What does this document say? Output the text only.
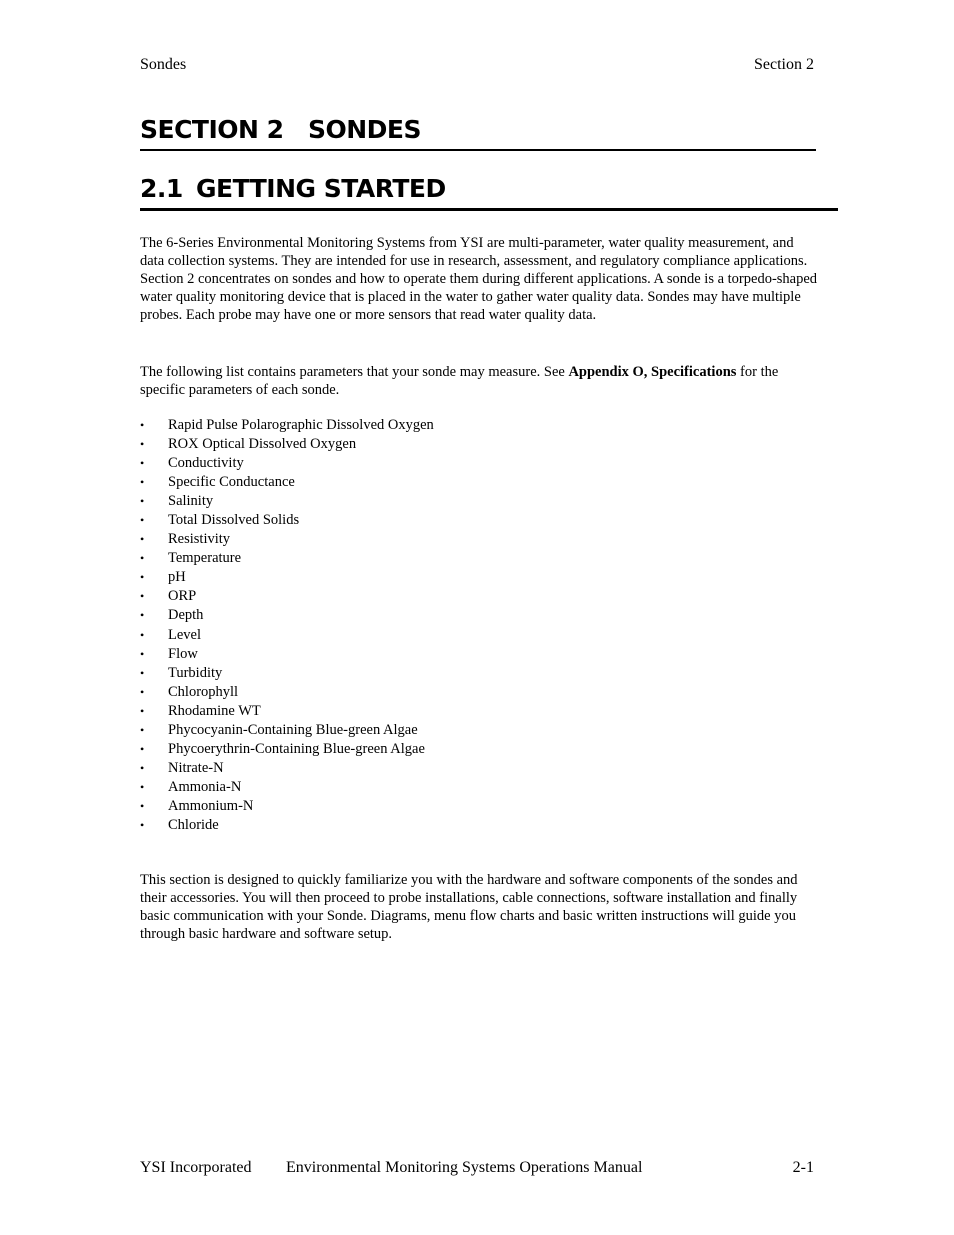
Sondes	Section 2
SECTION 2 SONDES
2.1 GETTING STARTED

The 6-Series Environmental Monitoring Systems from YSI are multi-parameter, water quality measurement, and data collection systems. They are intended for use in research, assessment, and regulatory compliance applications. Section 2 concentrates on sondes and how to operate them during different applications. A sonde is a torpedo-shaped water quality monitoring device that is placed in the water to gather water quality data. Sondes may have multiple probes. Each probe may have one or more sensors that read water quality data.

The following list contains parameters that your sonde may measure. See Appendix O, Specifications for the specific parameters of each sonde.

• Rapid Pulse Polarographic Dissolved Oxygen
• ROX Optical Dissolved Oxygen
• Conductivity
• Specific Conductance
• Salinity
• Total Dissolved Solids
• Resistivity
• Temperature
• pH
• ORP
• Depth
• Level
• Flow
• Turbidity
• Chlorophyll
• Rhodamine WT
• Phycocyanin-Containing Blue-green Algae
• Phycoerythrin-Containing Blue-green Algae
• Nitrate-N
• Ammonia-N
• Ammonium-N
• Chloride

This section is designed to quickly familiarize you with the hardware and software components of the sondes and their accessories. You will then proceed to probe installations, cable connections, software installation and finally basic communication with your Sonde. Diagrams, menu flow charts and basic written instructions will guide you through basic hardware and software setup.

YSI Incorporated Environmental Monitoring Systems Operations Manual	2-1
